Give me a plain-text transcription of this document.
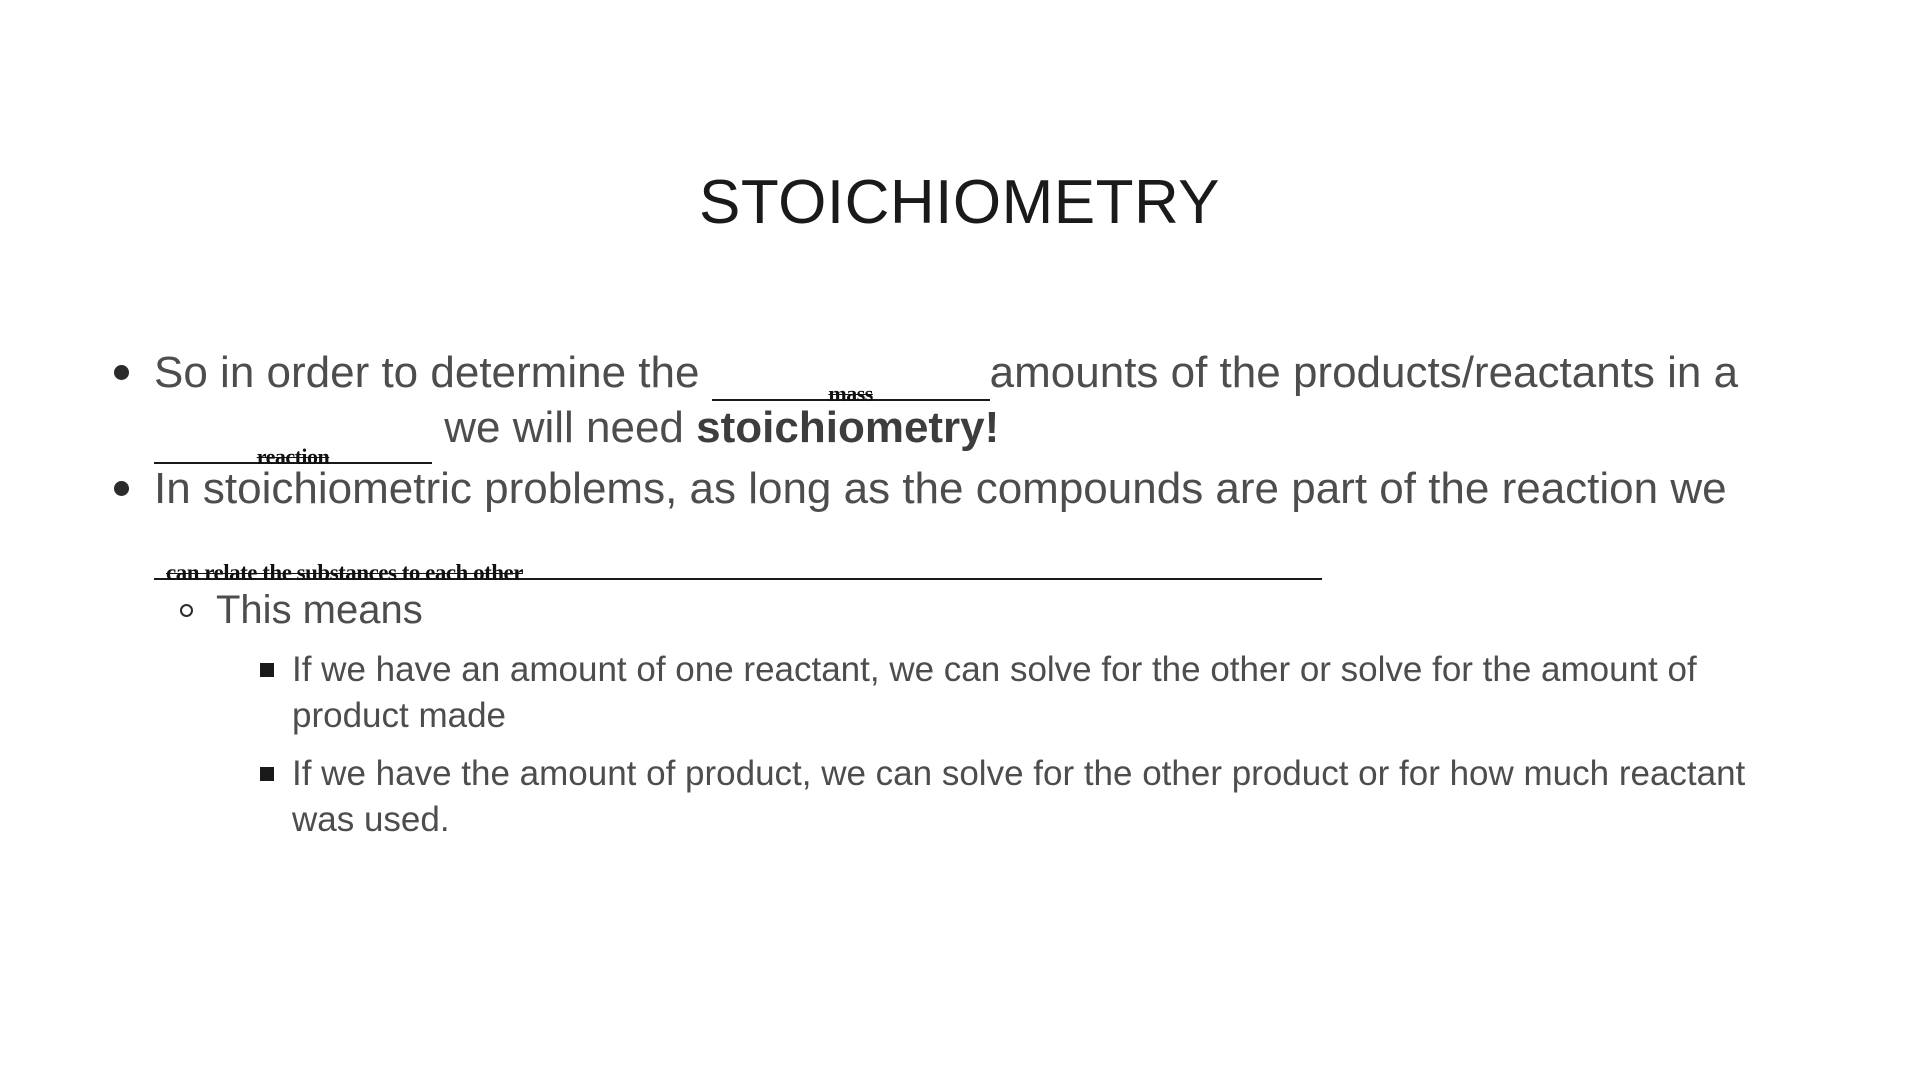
STOICHIOMETRY
So in order to determine the	mass	amounts of the products/reactants in areaction we will need stoichiometry!
In stoichiometric problems, as long as the compounds are part of the reaction we can relate the substances to each other
This means
If we have an amount of one reactant, we can solve for the other or solve for the amount of product made
If we have the amount of product, we can solve for the other product or for how much reactant was used.
